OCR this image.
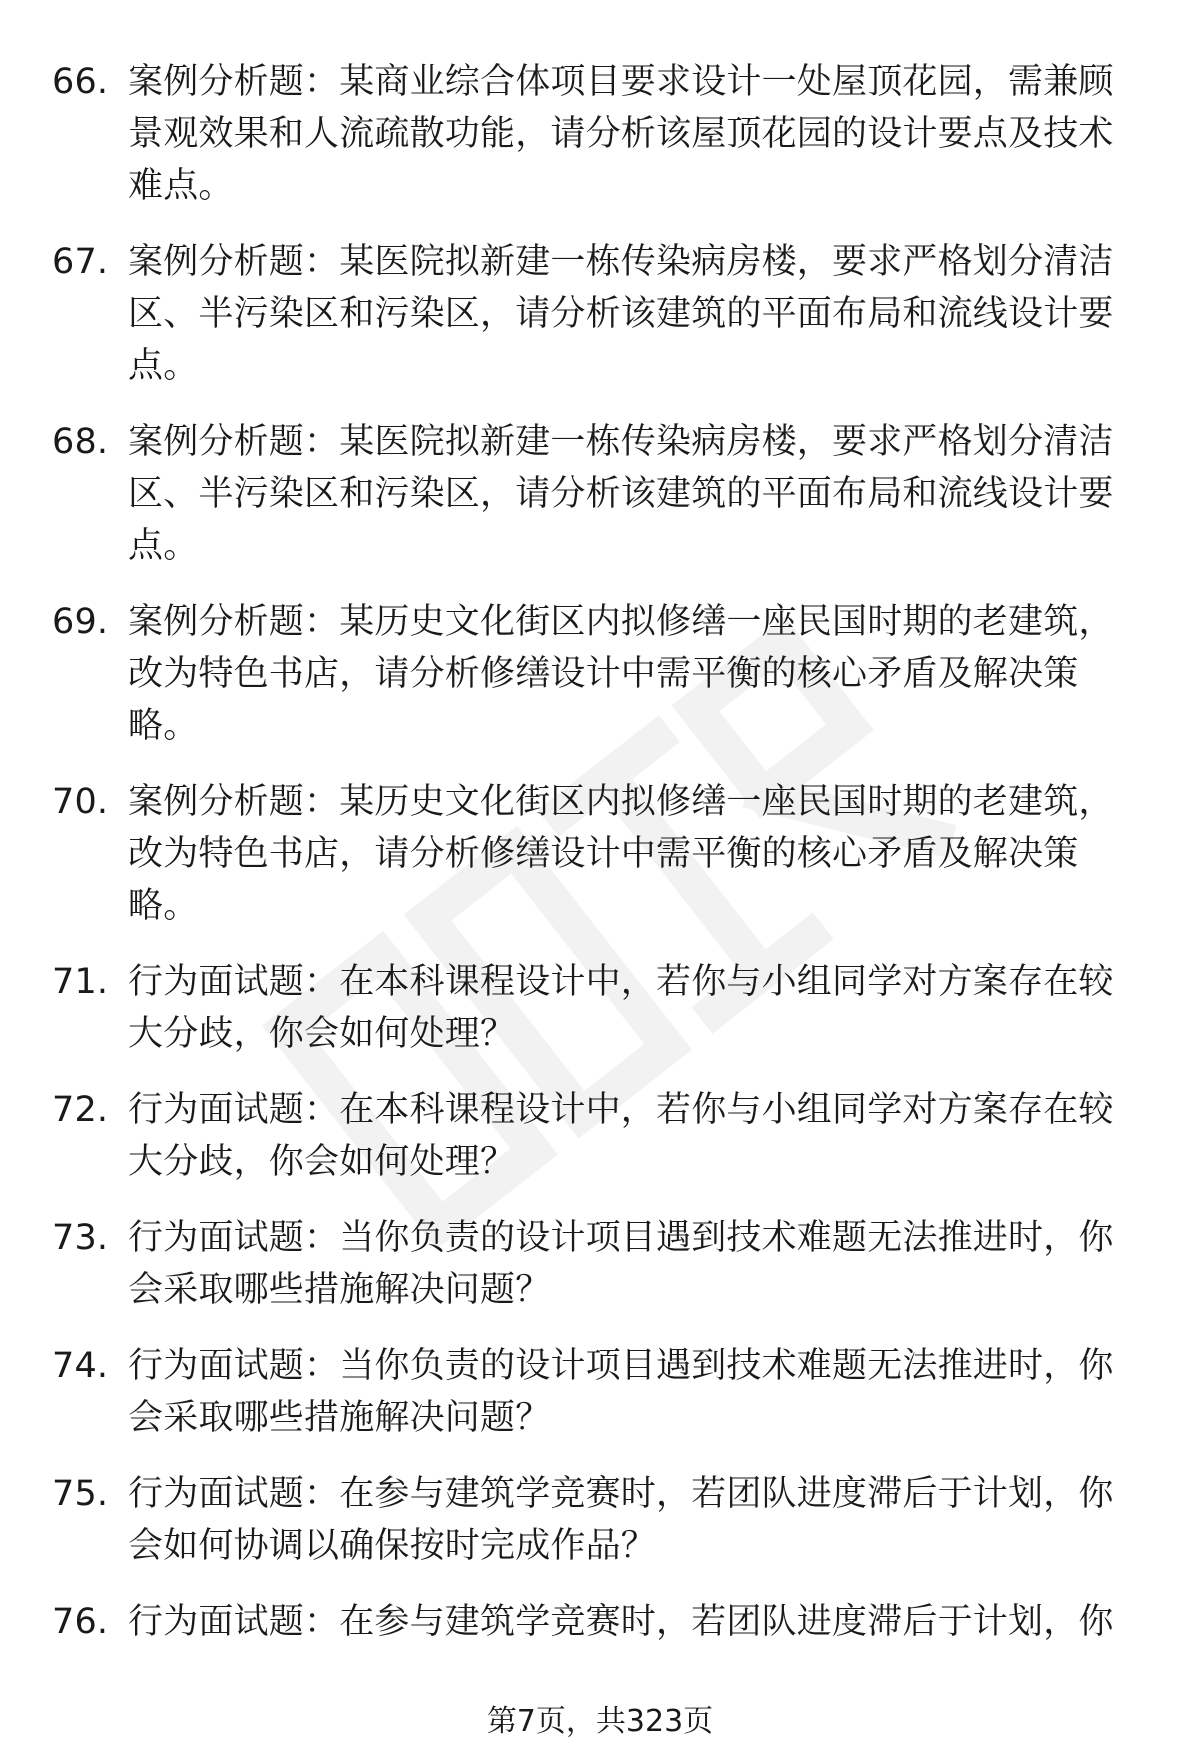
66. 案例分析题：某商业综合体项目要求设计一处屋顶花园，需兼顾景观效果和人流疏散功能，请分析该屋顶花园的设计要点及技术难点。
67. 案例分析题：某医院拟新建一栋传染病房楼，要求严格划分清洁区、半污染区和污染区，请分析该建筑的平面布局和流线设计要点。
68. 案例分析题：某医院拟新建一栋传染病房楼，要求严格划分清洁区、半污染区和污染区，请分析该建筑的平面布局和流线设计要点。
69. 案例分析题：某历史文化街区内拟修缮一座民国时期的老建筑，改为特色书店，请分析修缮设计中需平衡的核心矛盾及解决策略。
70. 案例分析题：某历史文化街区内拟修缮一座民国时期的老建筑，改为特色书店，请分析修缮设计中需平衡的核心矛盾及解决策略。
71. 行为面试题：在本科课程设计中，若你与小组同学对方案存在较大分歧，你会如何处理？
72. 行为面试题：在本科课程设计中，若你与小组同学对方案存在较大分歧，你会如何处理？
73. 行为面试题：当你负责的设计项目遇到技术难题无法推进时，你会采取哪些措施解决问题？
74. 行为面试题：当你负责的设计项目遇到技术难题无法推进时，你会采取哪些措施解决问题？
75. 行为面试题：在参与建筑学竞赛时，若团队进度滞后于计划，你会如何协调以确保按时完成作品？
76. 行为面试题：在参与建筑学竞赛时，若团队进度滞后于计划，你
第7页，共323页
